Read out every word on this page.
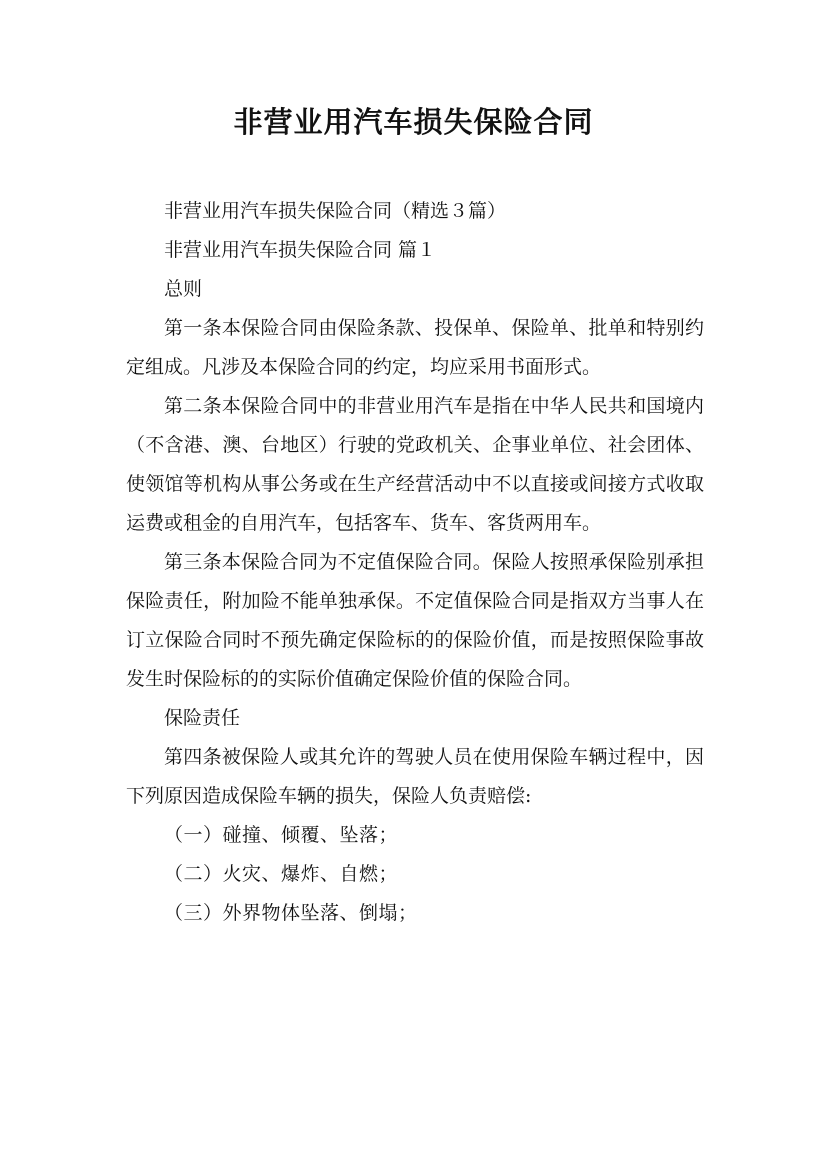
非营业用汽车损失保险合同

非营业用汽车损失保险合同（精选３篇）

非营业用汽车损失保险合同 篇１

总则

第一条本保险合同由保险条款、投保单、保险单、批单和特别约定组成。凡涉及本保险合同的约定，均应采用书面形式。

第二条本保险合同中的非营业用汽车是指在中华人民共和国境内（不含港、澳、台地区）行驶的党政机关、企事业单位、社会团体、使领馆等机构从事公务或在生产经营活动中不以直接或间接方式收取运费或租金的自用汽车，包括客车、货车、客货两用车。

第三条本保险合同为不定值保险合同。保险人按照承保险别承担保险责任，附加险不能单独承保。不定值保险合同是指双方当事人在订立保险合同时不预先确定保险标的的保险价值，而是按照保险事故发生时保险标的的实际价值确定保险价值的保险合同。

保险责任

第四条被保险人或其允许的驾驶人员在使用保险车辆过程中，因下列原因造成保险车辆的损失，保险人负责赔偿:

（一）碰撞、倾覆、坠落；

（二）火灾、爆炸、自燃；

（三）外界物体坠落、倒塌；
